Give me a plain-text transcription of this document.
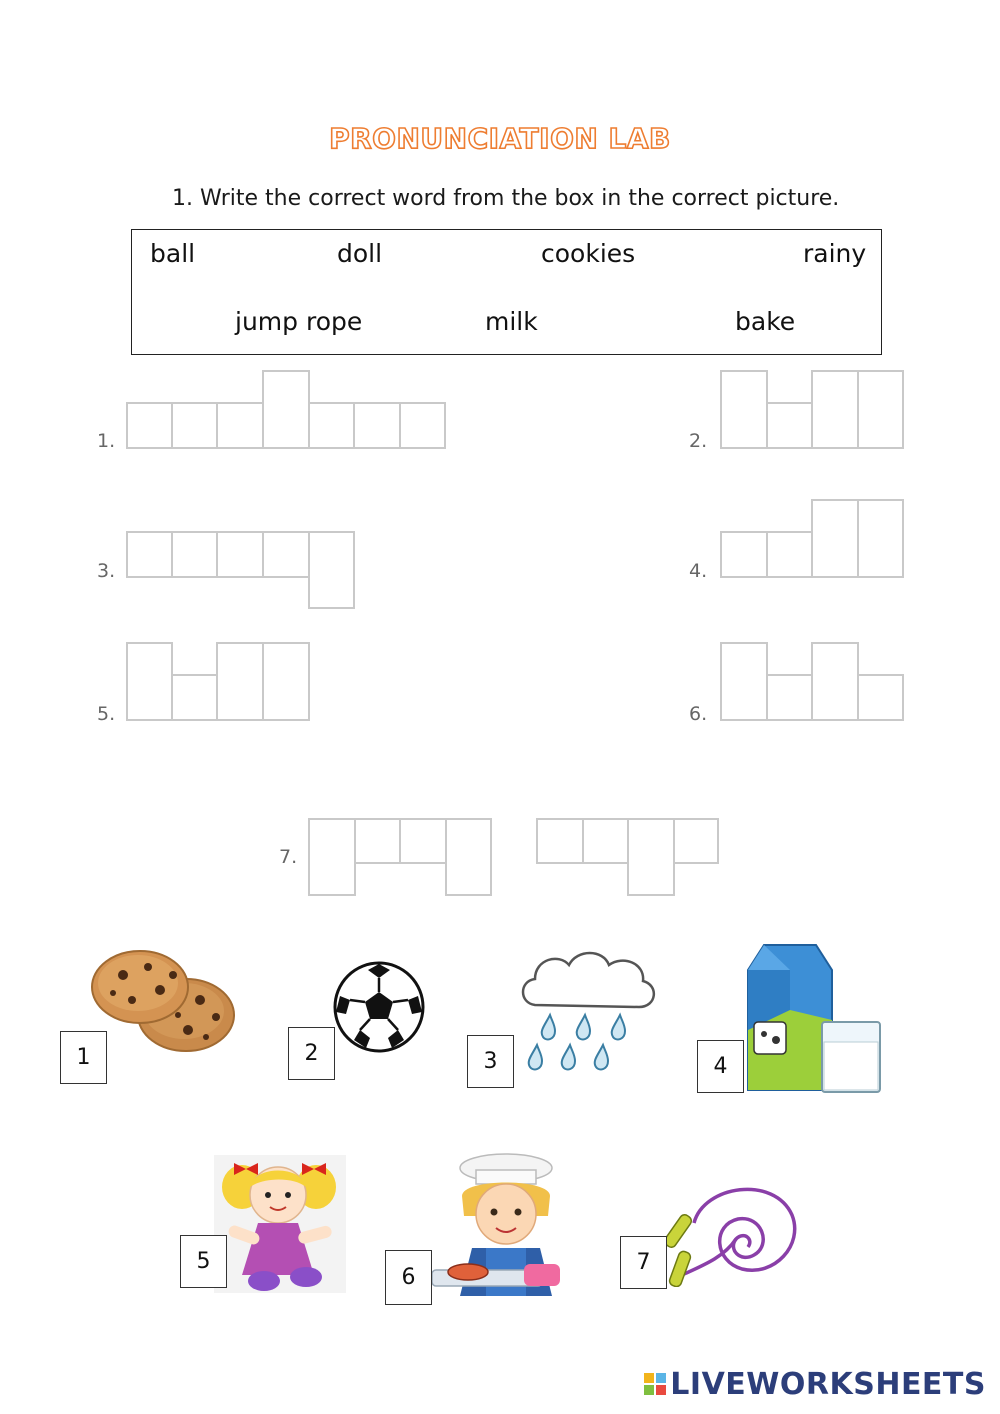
PRONUNCIATION LAB
1. Write the correct word from the box in the correct picture.
ball	doll	cookies	rainy
jump rope	milk	bake
1.	2.
3.	4.
5.	6.
7.
1	2	3	4
5
6
7
LIVEWORKSHEETS
